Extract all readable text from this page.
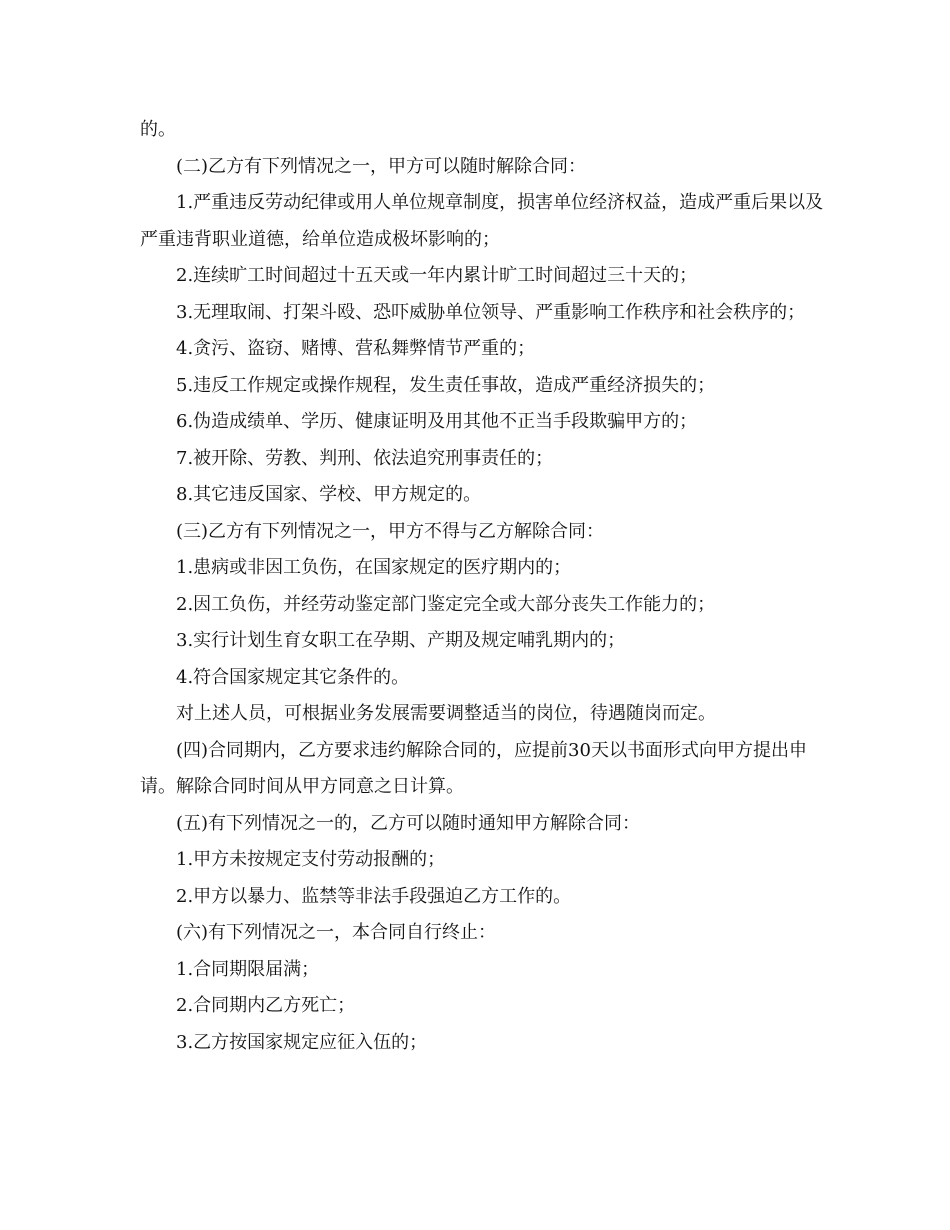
的。

(二)乙方有下列情况之一，甲方可以随时解除合同：

1.严重违反劳动纪律或用人单位规章制度，损害单位经济权益，造成严重后果以及严重违背职业道德，给单位造成极坏影响的；

2.连续旷工时间超过十五天或一年内累计旷工时间超过三十天的；

3.无理取闹、打架斗殴、恐吓威胁单位领导、严重影响工作秩序和社会秩序的；

4.贪污、盗窃、赌博、营私舞弊情节严重的；

5.违反工作规定或操作规程，发生责任事故，造成严重经济损失的；

6.伪造成绩单、学历、健康证明及用其他不正当手段欺骗甲方的；

7.被开除、劳教、判刑、依法追究刑事责任的；

8.其它违反国家、学校、甲方规定的。

(三)乙方有下列情况之一，甲方不得与乙方解除合同：

1.患病或非因工负伤，在国家规定的医疗期内的；

2.因工负伤，并经劳动鉴定部门鉴定完全或大部分丧失工作能力的；

3.实行计划生育女职工在孕期、产期及规定哺乳期内的；

4.符合国家规定其它条件的。

对上述人员，可根据业务发展需要调整适当的岗位，待遇随岗而定。

(四)合同期内，乙方要求违约解除合同的，应提前30天以书面形式向甲方提出申请。解除合同时间从甲方同意之日计算。

(五)有下列情况之一的，乙方可以随时通知甲方解除合同：

1.甲方未按规定支付劳动报酬的；

2.甲方以暴力、监禁等非法手段强迫乙方工作的。

(六)有下列情况之一，本合同自行终止：

1.合同期限届满；

2.合同期内乙方死亡；

3.乙方按国家规定应征入伍的；
